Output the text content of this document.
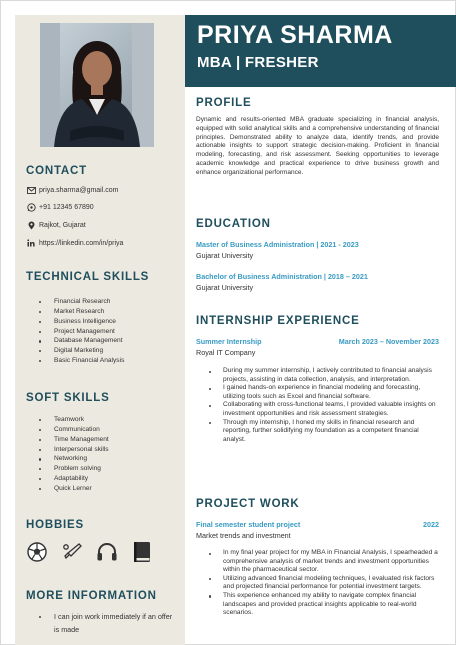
PRIYA SHARMA
MBA | FRESHER
CONTACT
priya.sharma@gmail.com
+91 12345 67890
Rajkot, Gujarat
https://linkedin.com/in/priya
TECHNICAL SKILLS
Financial Research
Market Research
Business Intelligence
Project Management
Database Management
Digital Marketing
Basic Financial Analysis
SOFT SKILLS
Teamwork
Communication
Time Management
Interpersonal skills
Networking
Problem solving
Adaptability
Quick Lerner
HOBBIES
MORE INFORMATION
I can join work immediately if an offer is made
PROFILE
Dynamic and results-oriented MBA graduate specializing in financial analysis, equipped with solid analytical skills and a comprehensive understanding of financial principles. Demonstrated ability to analyze data, identify trends, and provide actionable insights to support strategic decision-making. Proficient in financial modeling, forecasting, and risk assessment. Seeking opportunities to leverage academic knowledge and practical experience to drive business growth and enhance organizational performance.
EDUCATION
Master of Business Administration | 2021 - 2023
Gujarat University
Bachelor of Business Administration | 2018 – 2021
Gujarat University
INTERNSHIP EXPERIENCE
Summer Internship	March 2023 – November 2023
Royal IT Company
During my summer internship, I actively contributed to financial analysis projects, assisting in data collection, analysis, and interpretation.
I gained hands-on experience in financial modeling and forecasting, utilizing tools such as Excel and financial software.
Collaborating with cross-functional teams, I provided valuable insights on investment opportunities and risk assessment strategies.
Through my internship, I honed my skills in financial research and reporting, further solidifying my foundation as a competent financial analyst.
PROJECT WORK
Final semester student project	2022
Market trends and investment
In my final year project for my MBA in Financial Analysis, I spearheaded a comprehensive analysis of market trends and investment opportunities within the pharmaceutical sector.
Utilizing advanced financial modeling techniques, I evaluated risk factors and projected financial performance for potential investment targets.
This experience enhanced my ability to navigate complex financial landscapes and provided practical insights applicable to real-world scenarios.
